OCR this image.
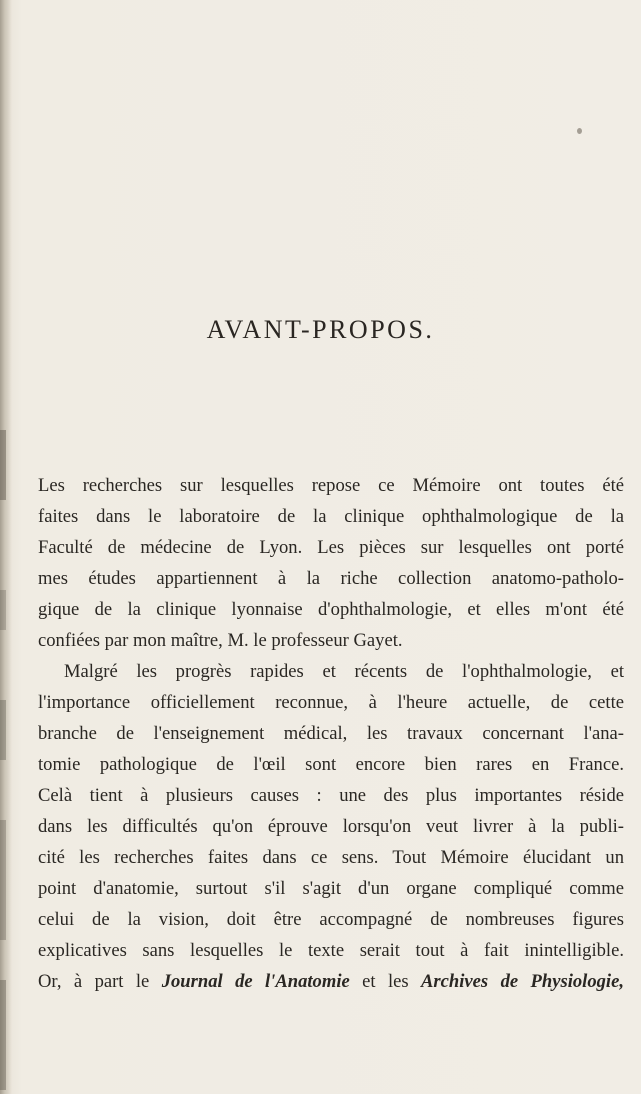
AVANT-PROPOS.
Les recherches sur lesquelles repose ce Mémoire ont toutes été
faites dans le laboratoire de la clinique ophthalmologique de la
Faculté de médecine de Lyon. Les pièces sur lesquelles ont porté
mes études appartiennent à la riche collection anatomo-patholo-
gique de la clinique lyonnaise d'ophthalmologie, et elles m'ont été
confiées par mon maître, M. le professeur Gayet.
Malgré les progrès rapides et récents de l'ophthalmologie, et
l'importance officiellement reconnue, à l'heure actuelle, de cette
branche de l'enseignement médical, les travaux concernant l'ana-
tomie pathologique de l'œil sont encore bien rares en France.
Celà tient à plusieurs causes : une des plus importantes réside
dans les difficultés qu'on éprouve lorsqu'on veut livrer à la publi-
cité les recherches faites dans ce sens. Tout Mémoire élucidant un
point d'anatomie, surtout s'il s'agit d'un organe compliqué comme
celui de la vision, doit être accompagné de nombreuses figures
explicatives sans lesquelles le texte serait tout à fait inintelligible.
Or, à part le Journal de l'Anatomie et les Archives de Physiologie,
